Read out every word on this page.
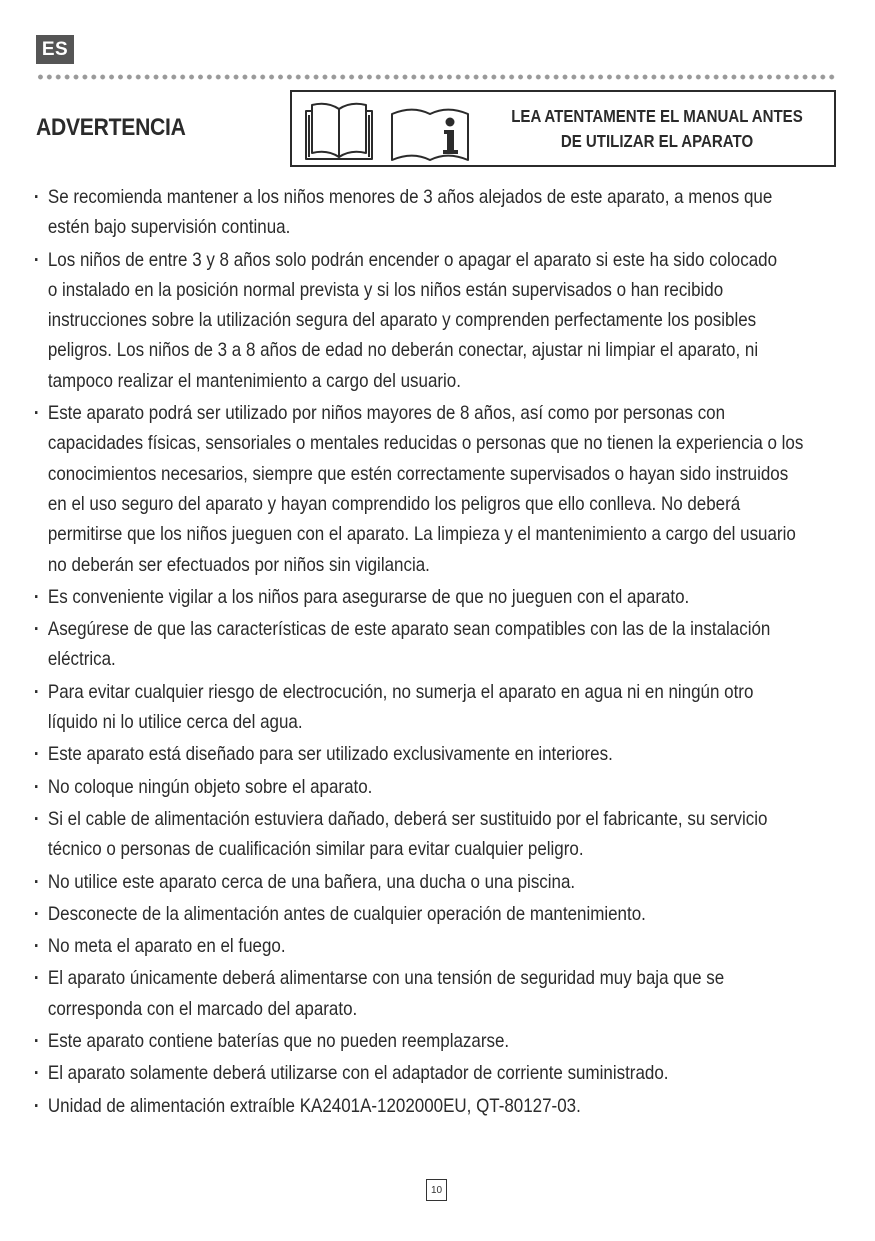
ES
ADVERTENCIA	LEA ATENTAMENTE EL MANUAL ANTES
DE UTILIZAR EL APARATO
· Se recomienda mantener a los niños menores de 3 años alejados de este aparato, a menos que
estén bajo supervisión continua.
· Los niños de entre 3 y 8 años solo podrán encender o apagar el aparato si este ha sido colocado
o instalado en la posición normal prevista y si los niños están supervisados o han recibido
instrucciones sobre la utilización segura del aparato y comprenden perfectamente los posibles
peligros. Los niños de 3 a 8 años de edad no deberán conectar, ajustar ni limpiar el aparato, ni
tampoco realizar el mantenimiento a cargo del usuario.
· Este aparato podrá ser utilizado por niños mayores de 8 años, así como por personas con
capacidades físicas, sensoriales o mentales reducidas o personas que no tienen la experiencia o los
conocimientos necesarios, siempre que estén correctamente supervisados o hayan sido instruidos
en el uso seguro del aparato y hayan comprendido los peligros que ello conlleva. No deberá
permitirse que los niños jueguen con el aparato. La limpieza y el mantenimiento a cargo del usuario
no deberán ser efectuados por niños sin vigilancia.
· Es conveniente vigilar a los niños para asegurarse de que no jueguen con el aparato.
· Asegúrese de que las características de este aparato sean compatibles con las de la instalación
eléctrica.
· Para evitar cualquier riesgo de electrocución, no sumerja el aparato en agua ni en ningún otro
líquido ni lo utilice cerca del agua.
· Este aparato está diseñado para ser utilizado exclusivamente en interiores.
· No coloque ningún objeto sobre el aparato.
· Si el cable de alimentación estuviera dañado, deberá ser sustituido por el fabricante, su servicio
técnico o personas de cualificación similar para evitar cualquier peligro.
· No utilice este aparato cerca de una bañera, una ducha o una piscina.
· Desconecte de la alimentación antes de cualquier operación de mantenimiento.
· No meta el aparato en el fuego.
· El aparato únicamente deberá alimentarse con una tensión de seguridad muy baja que se
corresponda con el marcado del aparato.
· Este aparato contiene baterías que no pueden reemplazarse.
· El aparato solamente deberá utilizarse con el adaptador de corriente suministrado.
· Unidad de alimentación extraíble KA2401A-1202000EU, QT-80127-03.
10
